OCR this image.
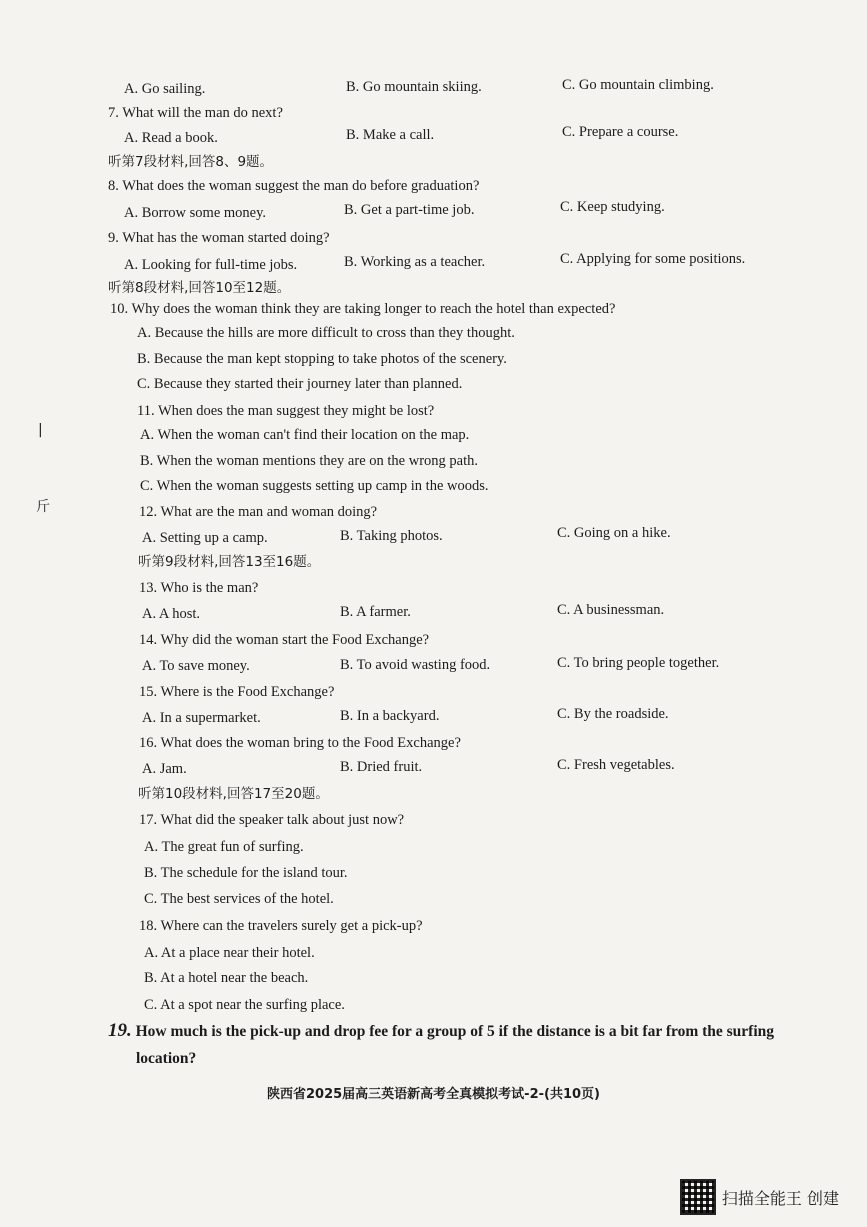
A. Go sailing.	B. Go mountain skiing.	C. Go mountain climbing.
7. What will the man do next?
A. Read a book.	B. Make a call.	C. Prepare a course.
听第7段材料,回答8、9题。
8. What does the woman suggest the man do before graduation?
A. Borrow some money.	B. Get a part-time job.	C. Keep studying.
9. What has the woman started doing?
A. Looking for full-time jobs.	B. Working as a teacher.	C. Applying for some positions.
听第8段材料,回答10至12题。
10. Why does the woman think they are taking longer to reach the hotel than expected?
A. Because the hills are more difficult to cross than they thought.
B. Because the man kept stopping to take photos of the scenery.
C. Because they started their journey later than planned.
11. When does the man suggest they might be lost?
A. When the woman can't find their location on the map.
B. When the woman mentions they are on the wrong path.
C. When the woman suggests setting up camp in the woods.
12. What are the man and woman doing?
A. Setting up a camp.	B. Taking photos.	C. Going on a hike.
听第9段材料,回答13至16题。
13. Who is the man?
A. A host.	B. A farmer.	C. A businessman.
14. Why did the woman start the Food Exchange?
A. To save money.	B. To avoid wasting food.	C. To bring people together.
15. Where is the Food Exchange?
A. In a supermarket.	B. In a backyard.	C. By the roadside.
16. What does the woman bring to the Food Exchange?
A. Jam.	B. Dried fruit.	C. Fresh vegetables.
听第10段材料,回答17至20题。
17. What did the speaker talk about just now?
A. The great fun of surfing.
B. The schedule for the island tour.
C. The best services of the hotel.
18. Where can the travelers surely get a pick-up?
A. At a place near their hotel.
B. At a hotel near the beach.
C. At a spot near the surfing place.
19. How much is the pick-up and drop fee for a group of 5 if the distance is a bit far from the surfing
location?
|
斤
陕西省2025届高三英语新高考全真模拟考试-2-(共10页)
扫描全能王 创建
